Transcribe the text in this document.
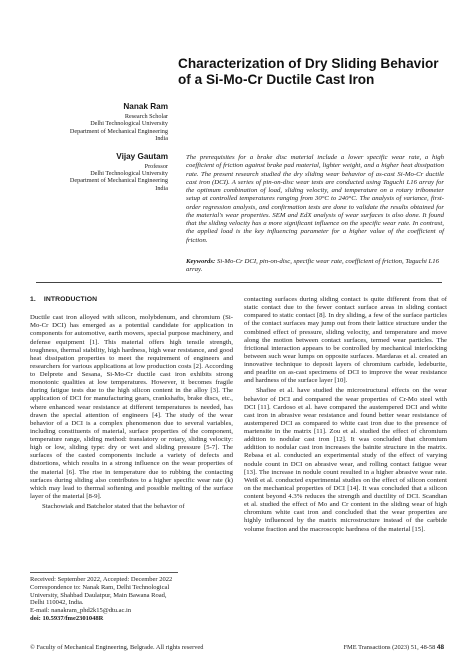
Characterization of Dry Sliding Behavior of a Si-Mo-Cr Ductile Cast Iron
Nanak Ram
Research Scholar
Delhi Technological University
Department of Mechanical Engineering
India
Vijay Gautam
Professor
Delhi Technological University
Department of Mechanical Engineering
India

The prerequisites for a brake disc material include a lower specific wear rate, a high coefficient of friction against brake pad material, lighter weight, and a higher heat dissipation rate. The present research studied the dry sliding wear behavior of as-cast Si-Mo-Cr ductile cast iron (DCI). A series of pin-on-disc wear tests are conducted using Taguchi L16 array for the optimum combination of load, sliding velocity, and temperature on a rotary tribometer setup at controlled temperatures ranging from 30°C to 240°C. The analysis of variance, first-order regression analysis, and confirmation tests are done to validate the results obtained for the material's wear properties. SEM and EdX analysis of wear surfaces is also done. It found that the sliding velocity has a more significant influence on the specific wear rate. In contrast, the applied load is the key influencing parameter for a higher value of the coefficient of friction.

Keywords: Si-Mo-Cr DCI, pin-on-disc, specific wear rate, coefficient of friction, Taguchi L16 array.
1. INTRODUCTION

Ductile cast iron alloyed with silicon, molybdenum, and chromium (Si-Mo-Cr DCI) has emerged as a potential candidate for application in components for automotive, earth movers, special purpose machinery, and defense equipment [1]. This material offers high tensile strength, toughness, thermal stability, high hardness, high wear resistance, and good heat dissipation properties to meet the requirement of engineers and researchers for various applications at low production costs [2]. According to Delprete and Sesana, Si-Mo-Cr ductile cast iron exhibits strong monotonic qualities at low temperatures. However, it becomes fragile during fatigue tests due to the high silicon content in the alloy [3]. The application of DCI for manufacturing gears, crankshafts, brake discs, etc., where enhanced wear resistance at different temperatures is needed, has drawn the special attention of engineers [4]. The study of the wear behavior of a DCI is a complex phenomenon due to several variables, including constituents of material, surface properties of the component, temperature range, sliding method: translatory or rotary, sliding velocity: high or low, sliding type: dry or wet and sliding pressure [5-7]. The surfaces of the casted components include a variety of defects and distortions, which results in a strong influence on the wear properties of the material [6]. The rise in temperature due to rubbing the contacting surfaces during sliding also contributes to a higher specific wear rate (k) which may lead to thermal softening and possible melting of the surface layer of the material [8-9].

Stachowiak and Batchelor stated that the behavior of

contacting surfaces during sliding contact is quite different from that of static contact due to the fewer contact surface areas in sliding contact compared to static contact [8]. In dry sliding, a few of the surface particles of the contact surfaces may jump out from their lattice structure under the combined effect of pressure, sliding velocity, and temperature and move along the motion between contact surfaces, termed wear particles. The frictional interaction appears to be controlled by mechanical interlocking between such wear lumps on opposite surfaces. Mardaras et al. created an innovative technique to deposit layers of chromium carbide, ledeburite, and pearlite on as-cast specimens of DCI to improve the wear resistance and hardness of the surface layer [10].

Shafiee et al. have studied the microstructural effects on the wear behavior of DCI and compared the wear properties of Cr-Mo steel with DCI [11]. Cardoso et al. have compared the austempered DCI and white cast iron in abrasive wear resistance and found better wear resistance of austempered DCI as compared to white cast iron due to the presence of martensite in the matrix [11]. Zou et al. studied the effect of chromium addition to nodular cast iron [12]. It was concluded that chromium addition to nodular cast iron increases the bainite structure in the matrix. Rebasa et al. conducted an experimental study of the effect of varying nodule count in DCI on abrasive wear, and rolling contact fatigue wear [13]. The increase in nodule count resulted in a higher abrasive wear rate. Weiß et al. conducted experimental studies on the effect of silicon content on the mechanical properties of DCI [14]. It was concluded that a silicon content beyond 4.3% reduces the strength and ductility of DCI. Scandian et al. studied the effect of Mo and Cr content in the sliding wear of high chromium white cast iron and concluded that the wear properties are highly influenced by the matrix microstructure instead of the carbide volume fraction and the macroscopic hardness of the material [15].

Received: September 2022, Accepted: December 2022
Correspondence to: Nanak Ram, Delhi Technological
University, Shahbad Daulatpur, Main Bawana Road,
Delhi 110042, India.
E-mail: nanakram_phd2k15@dtu.ac.in
doi: 10.5937/fme2301048R
© Faculty of Mechanical Engineering, Belgrade. All rights reserved	FME Transactions (2023) 51, 48-58 48
